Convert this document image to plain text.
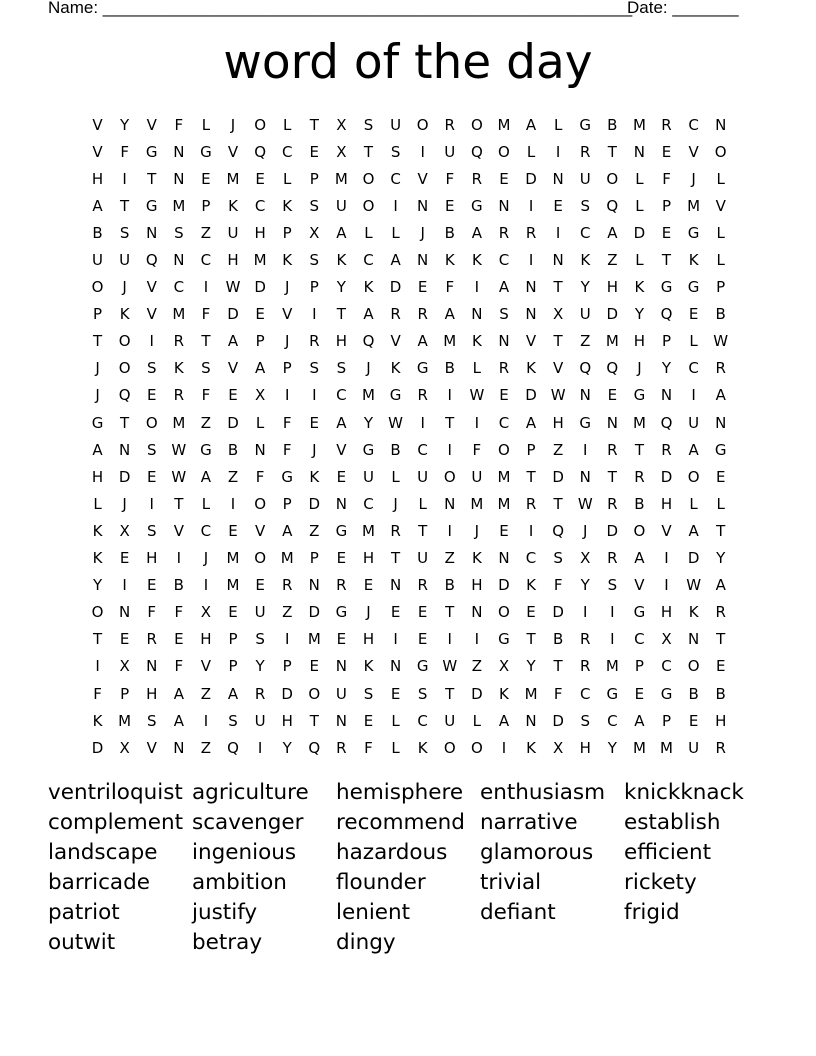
Name: ________________________________________________________
Date: _______
word of the day
V	Y	V	F	L	J	O	L	T	X	S	U	O	R	O M	A	L	G	B	M	R	C	N
V	F	G	N	G	V	Q	C	E	X	T	S	I	U	Q	O	L	I	R	T	N	E	V	O
H	I	T	N	E	M	E	L	P	M O	C	V	F	R	E	D	N	U	O	L	F	J	L
A	T	G M	P	K	C	K	S	U	O	I	N	E	G	N	I	E	S	Q	L	P	M	V
B	S	N	S	Z	U	H	P	X	A	L	L	J	B	A	R	R	I	C	A	D	E	G	L
U	U	Q	N	C	H M	K	S	K	C	A	N	K	K	C	I	N	K	Z	L	T	K	L
O	J	V	C	I	W D	J	P	Y	K	D	E	F	I	A	N	T	Y	H	K	G	G	P
P	K	V	M	F	D	E	V	I	T	A	R	R	A	N	S	N	X	U	D	Y	Q	E	B
T	O	I	R	T	A	P	J	R	H	Q	V	A	M	K	N	V	T	Z	M H	P	L	W
J	O	S	K	S	V	A	P	S	S	J	K	G	B	L	R	K	V	Q	Q	J	Y	C	R
J	Q	E	R	F	E	X	I	I	C	M G	R	I	W E	D W N	E	G	N	I	A
G	T	O M	Z	D	L	F	E	A	Y	W	I	T	I	C	A	H	G	N	M Q	U	N
A	N	S W G	B	N	F	J	V	G	B	C	I	F	O	P	Z	I	R	T	R	A	G
H	D	E W A	Z	F	G	K	E	U	L	U	O	U	M	T	D	N	T	R	D	O	E
L	J	I	T	L	I	O	P	D	N	C	J	L	N	M M	R	T	W R	B	H	L	L
K	X	S	V	C	E	V	A	Z	G M	R	T	I	J	E	I	Q	J	D	O	V	A	T
K	E	H	I	J	M O M	P	E	H	T	U	Z	K	N	C	S	X	R	A	I	D	Y
Y	I	E	B	I	M	E	R	N	R	E	N	R	B	H	D	K	F	Y	S	V	I	W A
O	N	F	F	X	E	U	Z	D	G	J	E	E	T	N	O	E	D	I	I	G	H	K	R
T	E	R	E	H	P	S	I	M	E	H	I	E	I	I	G	T	B	R	I	C	X	N	T
I	X	N	F	V	P	Y	P	E	N	K	N	G W Z	X	Y	T	R	M	P	C	O	E
F	P	H	A	Z	A	R	D	O	U	S	E	S	T	D	K	M	F	C	G	E	G	B	B
K	M	S	A	I	S	U	H	T	N	E	L	C	U	L	A	N	D	S	C	A	P	E	H
D	X	V	N	Z	Q	I	Y	Q	R	F	L	K	O	O	I	K	X	H	Y	M M	U	R
ventriloquist agriculture	hemisphere enthusiasm knickknack
complement scavenger	recommend narrative	establish
landscape	ingenious	hazardous	glamorous	efficient
barricade	ambition	flounder	trivial	rickety
patriot	justify	lenient	defiant	frigid
outwit	betray	dingy
